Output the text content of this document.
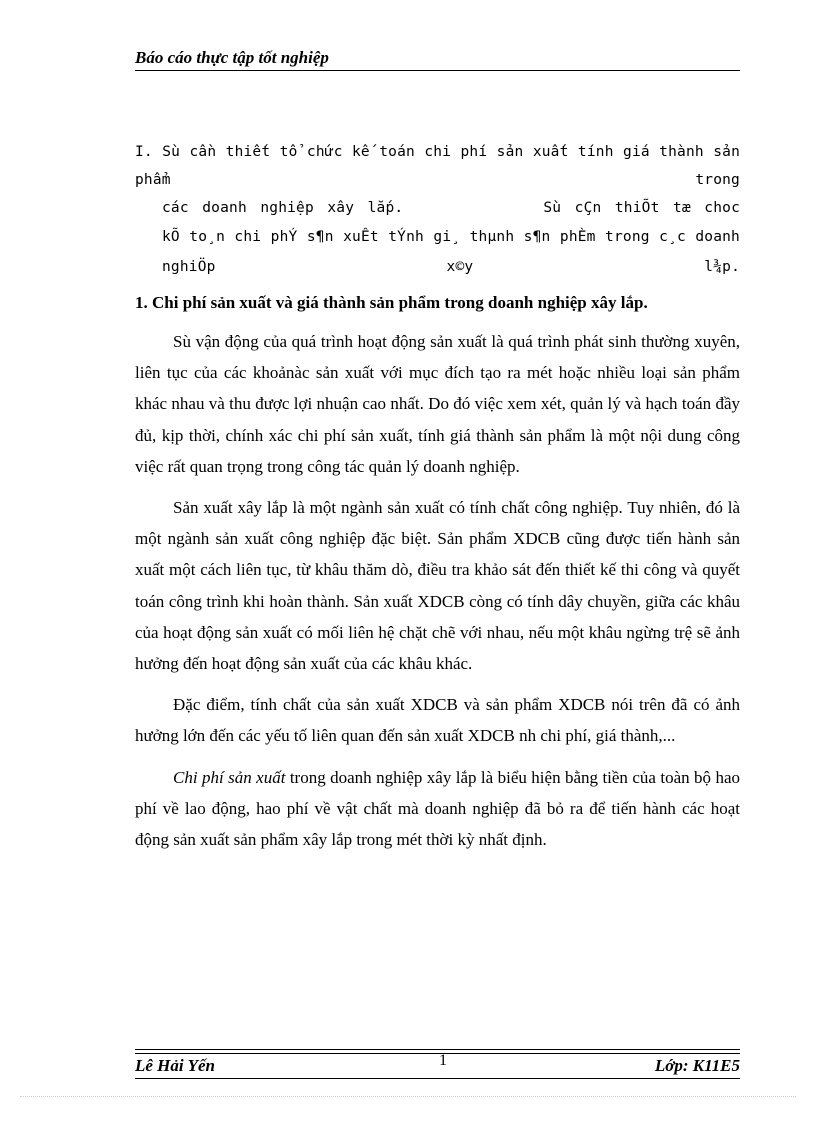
Báo cáo thực tập tốt nghiệp
I. Sù cần thiết tổ chức kế toán chi phí sản xuất tính giá thành sản phẩm trong
các doanh nghiệp xây lắp.	Sù cÇn thiÕt tæ choc
kÕ to¸n chi phÝ s¶n xuÊt tÝnh gi¸ thµnh s¶n phÈm trong c¸c doanh
nghiÖp x©y l¾p.
1. Chi phí sản xuất và giá thành sản phẩm trong doanh nghiệp xây lắp.

Sù vận động của quá trình hoạt động sản xuất là quá trình phát sinh thường xuyên, liên tục của các khoảnàc sản xuất với mục đích tạo ra mét hoặc nhiều loại sản phẩm khác nhau và thu được lợi nhuận cao nhất. Do đó việc xem xét, quản lý và hạch toán đầy đủ, kịp thời, chính xác chi phí sản xuất, tính giá thành sản phẩm là một nội dung công việc rất quan trọng trong công tác quản lý doanh nghiệp.

Sản xuất xây lắp là một ngành sản xuất có tính chất công nghiệp. Tuy nhiên, đó là một ngành sản xuất công nghiệp đặc biệt. Sản phẩm XDCB cũng được tiến hành sản xuất một cách liên tục, từ khâu thăm dò, điều tra khảo sát đến thiết kế thi công và quyết toán công trình khi hoàn thành. Sản xuất XDCB còng có tính dây chuyền, giữa các khâu của hoạt động sản xuất có mối liên hệ chặt chẽ với nhau, nếu một khâu ngừng trệ sẽ ảnh hưởng đến hoạt động sản xuất của các khâu khác.

Đặc điểm, tính chất của sản xuất XDCB và sản phẩm XDCB nói trên đã có ảnh hưởng lớn đến các yếu tố liên quan đến sản xuất XDCB nh chi phí, giá thành,...

Chi phí sản xuất trong doanh nghiệp xây lắp là biểu hiện bằng tiền của toàn bộ hao phí về lao động, hao phí về vật chất mà doanh nghiệp đã bỏ ra để tiến hành các hoạt động sản xuất sản phẩm xây lắp trong mét thời kỳ nhất định.

Lê Hải Yến	1	Lớp: K11E5
